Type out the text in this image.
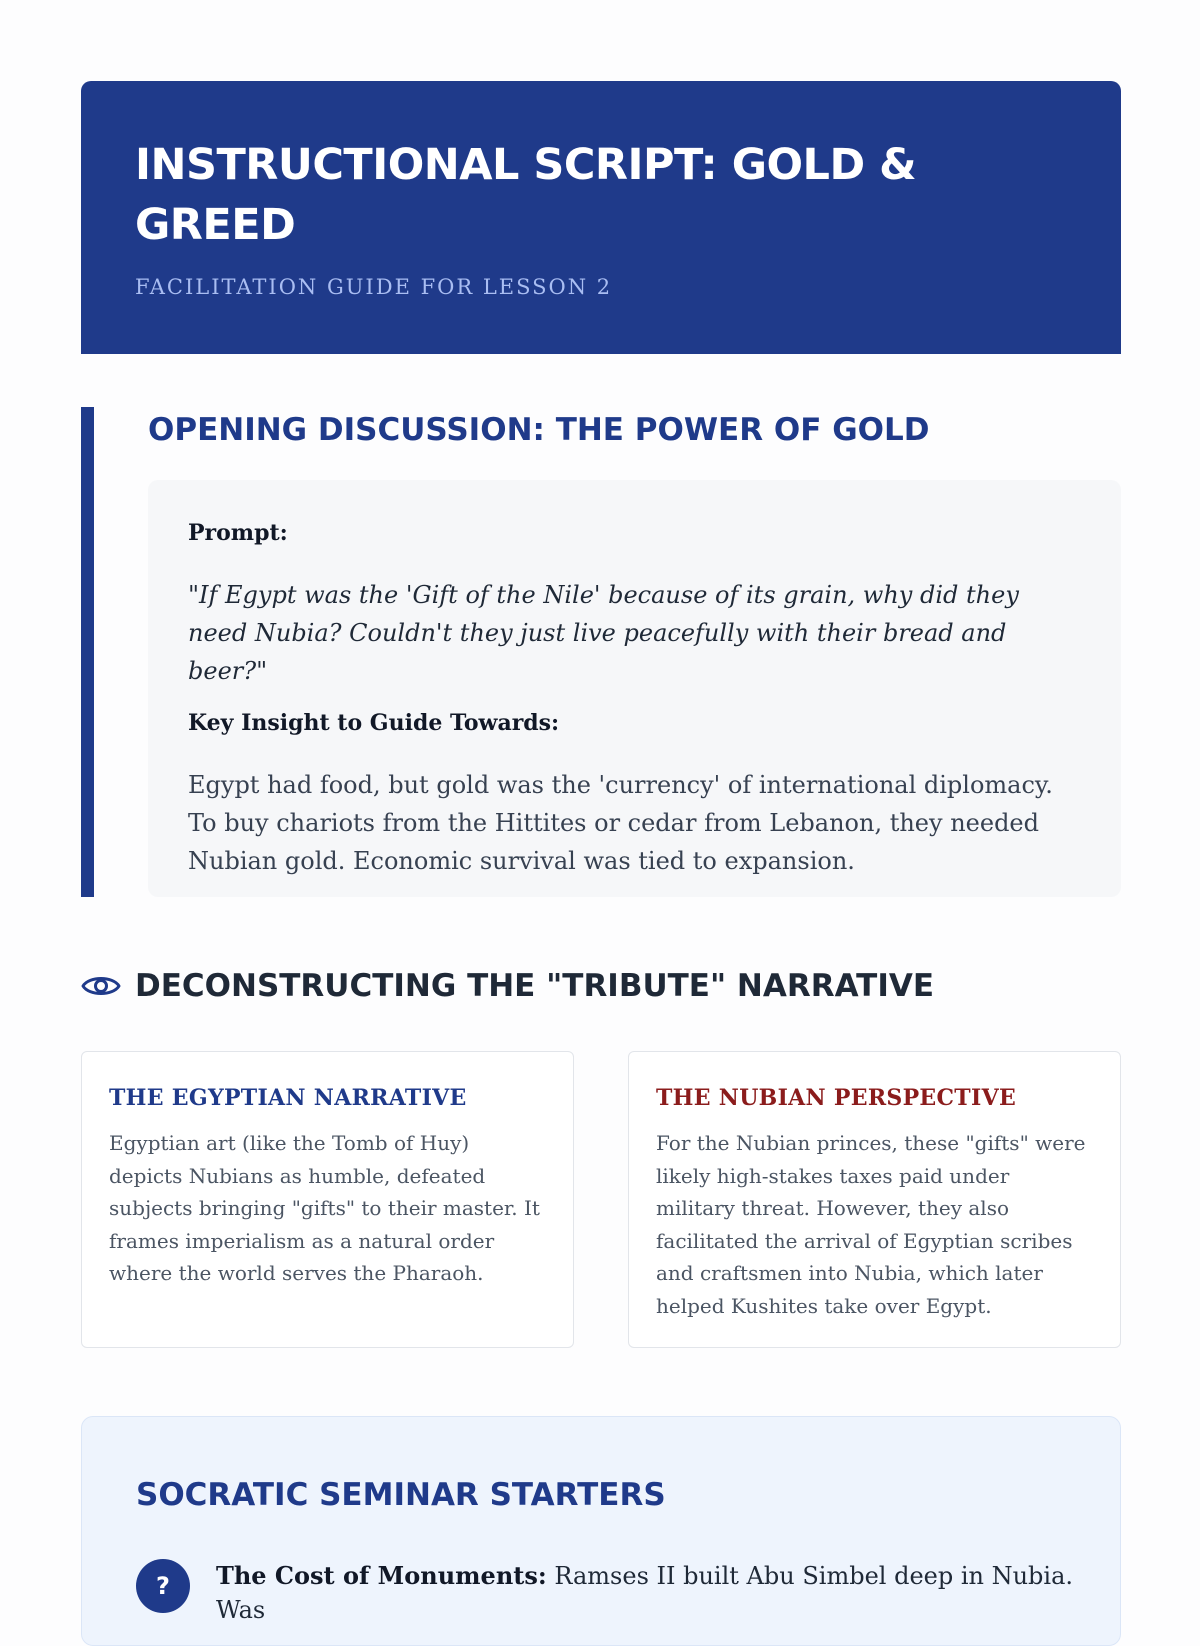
INSTRUCTIONAL SCRIPT: GOLD & GREED
FACILITATION GUIDE FOR LESSON 2
OPENING DISCUSSION: THE POWER OF GOLD

Prompt:

"If Egypt was the 'Gift of the Nile' because of its grain, why did they need Nubia? Couldn't they just live peacefully with their bread and beer?"

Key Insight to Guide Towards:

Egypt had food, but gold was the 'currency' of international diplomacy. To buy chariots from the Hittites or cedar from Lebanon, they needed Nubian gold. Economic survival was tied to expansion.

DECONSTRUCTING THE "TRIBUTE" NARRATIVE
THE EGYPTIAN NARRATIVE

Egyptian art (like the Tomb of Huy) depicts Nubians as humble, defeated subjects bringing "gifts" to their master. It frames imperialism as a natural order where the world serves the Pharaoh.

THE NUBIAN PERSPECTIVE

For the Nubian princes, these "gifts" were likely high-stakes taxes paid under military threat. However, they also facilitated the arrival of Egyptian scribes and craftsmen into Nubia, which later helped Kushites take over Egypt.

SOCRATIC SEMINAR STARTERS
?	The Cost of Monuments: Ramses II built Abu Simbel deep in Nubia. Was
